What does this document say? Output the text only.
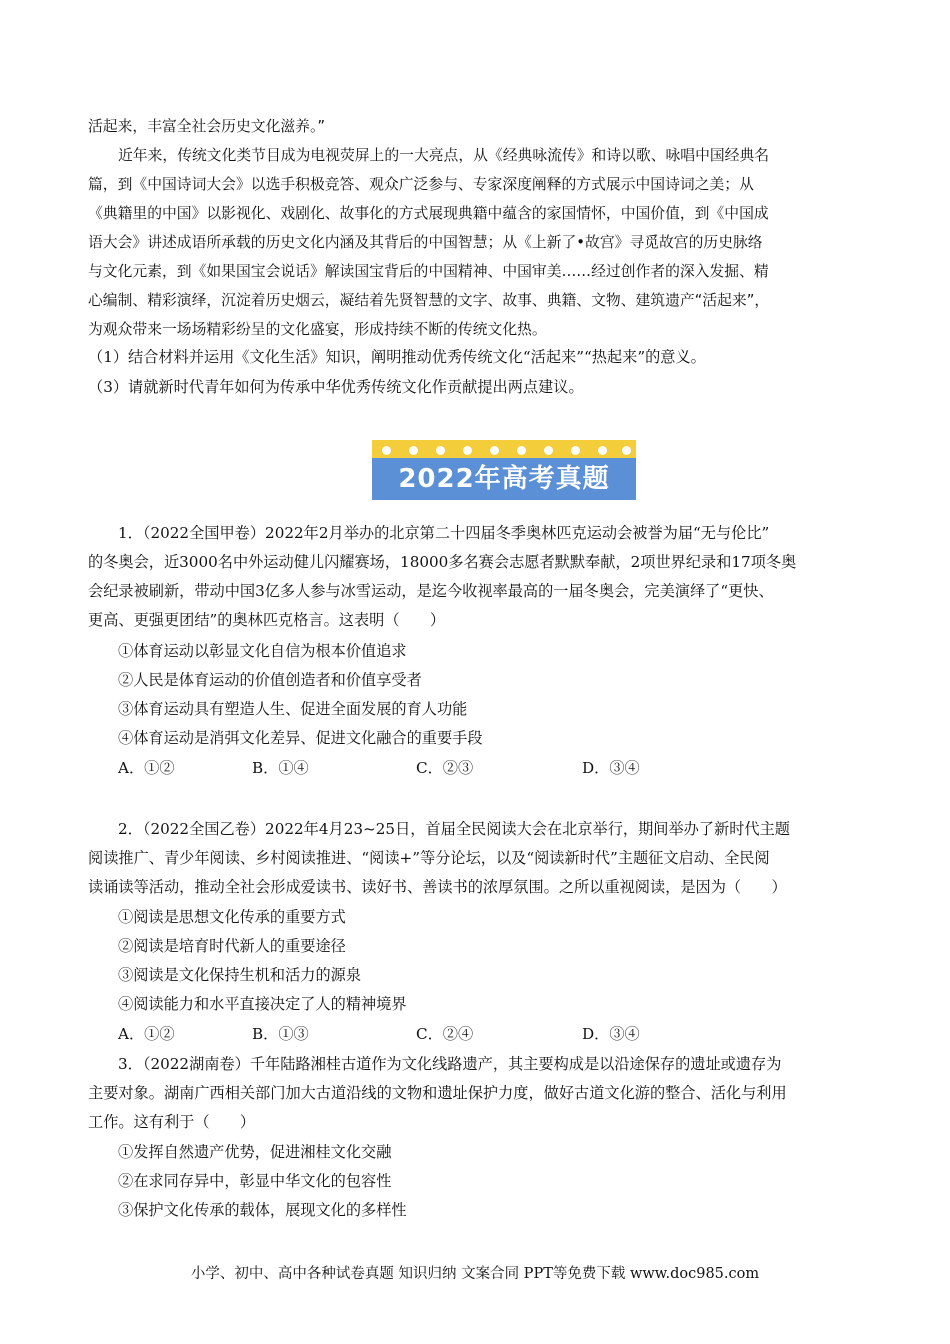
活起来，丰富全社会历史文化滋养。”

近年来，传统文化类节目成为电视荧屏上的一大亮点，从《经典咏流传》和诗以歌、咏唱中国经典名

篇，到《中国诗词大会》以选手积极竞答、观众广泛参与、专家深度阐释的方式展示中国诗词之美；从

《典籍里的中国》以影视化、戏剧化、故事化的方式展现典籍中蕴含的家国情怀，中国价值，到《中国成

语大会》讲述成语所承载的历史文化内涵及其背后的中国智慧；从《上新了•故宫》寻觅故宫的历史脉络

与文化元素，到《如果国宝会说话》解读国宝背后的中国精神、中国审美……经过创作者的深入发掘、精

心编制、精彩演绎，沉淀着历史烟云，凝结着先贤智慧的文字、故事、典籍、文物、建筑遗产“活起来”，

为观众带来一场场精彩纷呈的文化盛宴，形成持续不断的传统文化热。

（1）结合材料并运用《文化生活》知识，阐明推动优秀传统文化“活起来”“热起来”的意义。

（3）请就新时代青年如何为传承中华优秀传统文化作贡献提出两点建议。

2022年高考真题

1．（2022全国甲卷）2022年2月举办的北京第二十四届冬季奥林匹克运动会被誉为届“无与伦比”

的冬奥会，近3000名中外运动健儿闪耀赛场，18000多名赛会志愿者默默奉献，2项世界纪录和17项冬奥

会纪录被刷新，带动中国3亿多人参与冰雪运动，是迄今收视率最高的一届冬奥会，完美演绎了“更快、

更高、更强更团结”的奥林匹克格言。这表明（　　）

①体育运动以彰显文化自信为根本价值追求

②人民是体育运动的价值创造者和价值享受者

③体育运动具有塑造人生、促进全面发展的育人功能

④体育运动是消弭文化差异、促进文化融合的重要手段

A．①②	B．①④	C．②③	D．③④

2．（2022全国乙卷）2022年4月23~25日，首届全民阅读大会在北京举行，期间举办了新时代主题

阅读推广、青少年阅读、乡村阅读推进、“阅读+”等分论坛，以及“阅读新时代”主题征文启动、全民阅

读诵读等活动，推动全社会形成爱读书、读好书、善读书的浓厚氛围。之所以重视阅读，是因为（　　）

①阅读是思想文化传承的重要方式

②阅读是培育时代新人的重要途径

③阅读是文化保持生机和活力的源泉

④阅读能力和水平直接决定了人的精神境界

A．①②	B．①③	C．②④	D．③④

3．（2022湖南卷）千年陆路湘桂古道作为文化线路遗产，其主要构成是以沿途保存的遗址或遗存为

主要对象。湖南广西相关部门加大古道沿线的文物和遗址保护力度，做好古道文化游的整合、活化与利用

工作。这有利于（　　）

①发挥自然遗产优势，促进湘桂文化交融

②在求同存异中，彰显中华文化的包容性

③保护文化传承的载体，展现文化的多样性

小学、初中、高中各种试卷真题 知识归纳 文案合同 PPT等免费下载 www.doc985.com
